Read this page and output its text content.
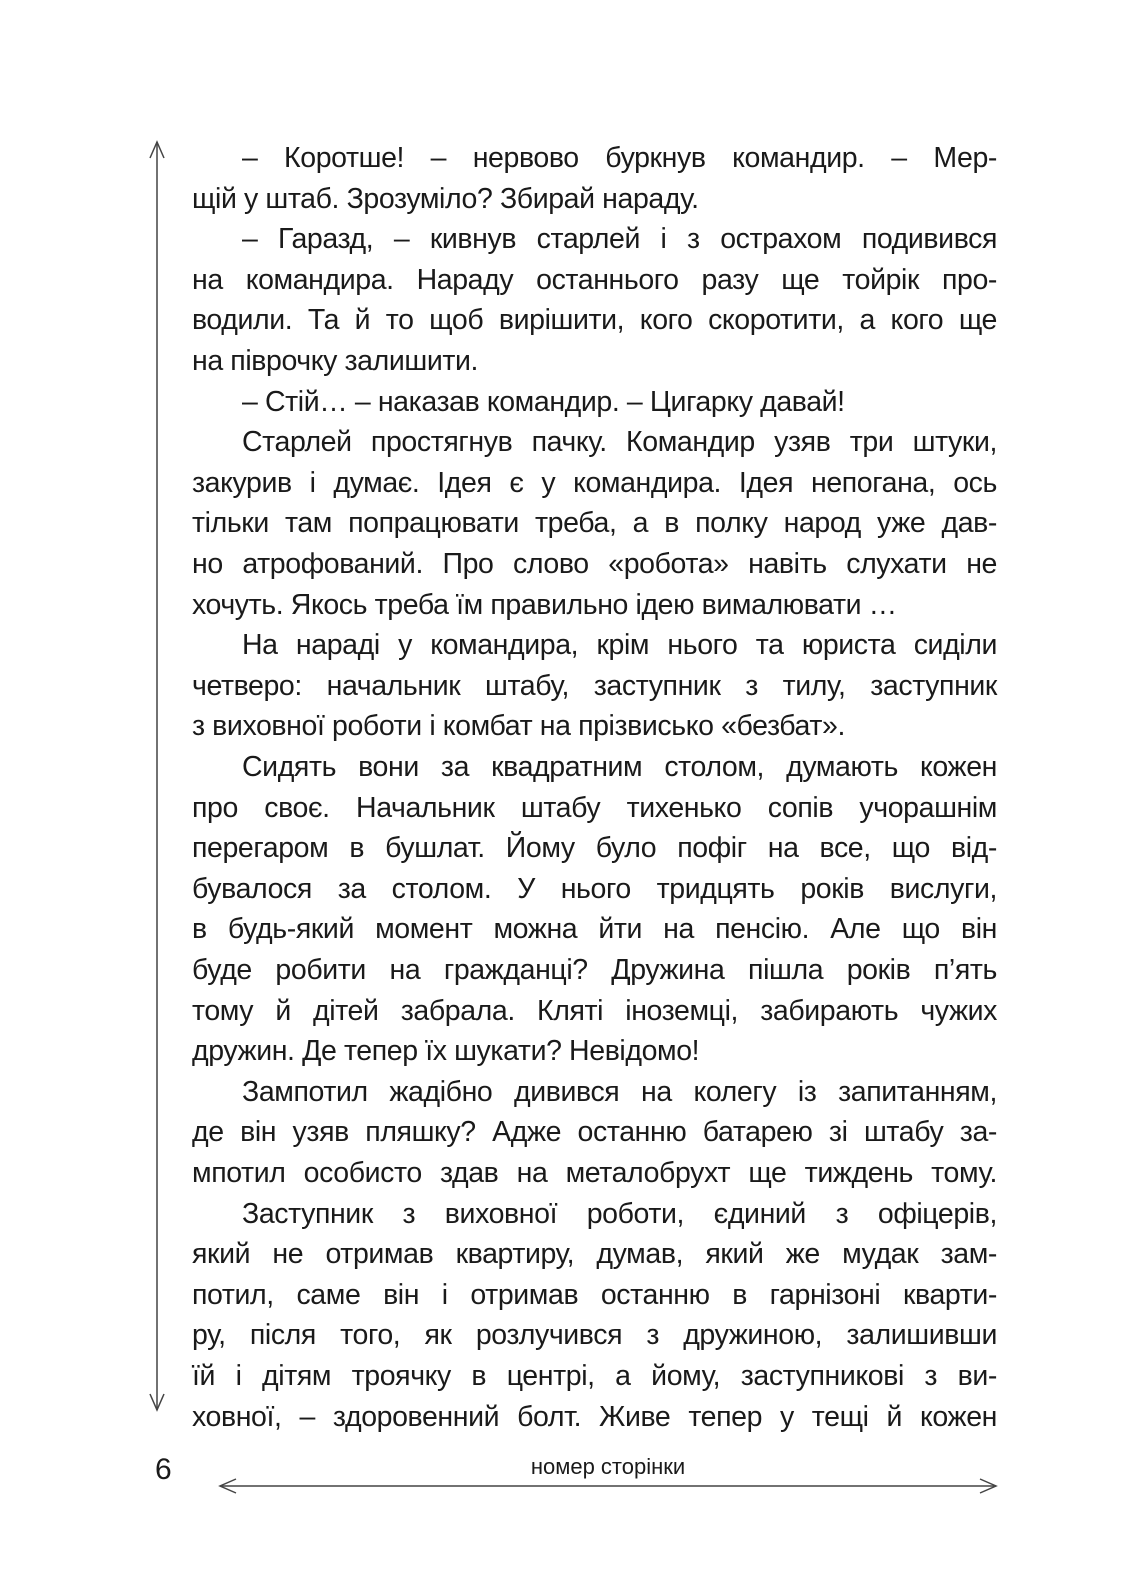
– Коротше! – нервово буркнув командир. – Мер-
щій у штаб. Зрозуміло? Збирай нараду.
– Гаразд, – кивнув старлей і з острахом подивився
на командира. Нараду останнього разу ще тойрік про-
водили. Та й то щоб вирішити, кого скоротити, а кого ще
на піврочку залишити.
– Стій… – наказав командир. – Цигарку давай!
Старлей простягнув пачку. Командир узяв три штуки,
закурив і думає. Ідея є у командира. Ідея непогана, ось
тільки там попрацювати треба, а в полку народ уже дав-
но атрофований. Про слово «робота» навіть слухати не
хочуть. Якось треба їм правильно ідею вималювати …
На нараді у командира, крім нього та юриста сиділи
четверо: начальник штабу, заступник з тилу, заступник
з виховної роботи і комбат на прізвисько «безбат».
Сидять вони за квадратним столом, думають кожен
про своє. Начальник штабу тихенько сопів учорашнім
перегаром в бушлат. Йому було пофіг на все, що від-
бувалося за столом. У нього тридцять років вислуги,
в будь-який момент можна йти на пенсію. Але що він
буде робити на гражданці? Дружина пішла років п’ять
тому й дітей забрала. Кляті іноземці, забирають чужих
дружин. Де тепер їх шукати? Невідомо!
Зампотил жадібно дивився на колегу із запитанням,
де він узяв пляшку? Адже останню батарею зі штабу за-
мпотил особисто здав на металобрухт ще тиждень тому.
Заступник з виховної роботи, єдиний з офіцерів,
який не отримав квартиру, думав, який же мудак зам-
потил, саме він і отримав останню в гарнізоні кварти-
ру, після того, як розлучився з дружиною, залишивши
їй і дітям троячку в центрі, а йому, заступникові з ви-
ховної, – здоровенний болт. Живе тепер у тещі й кожен
6	номер сторінки
